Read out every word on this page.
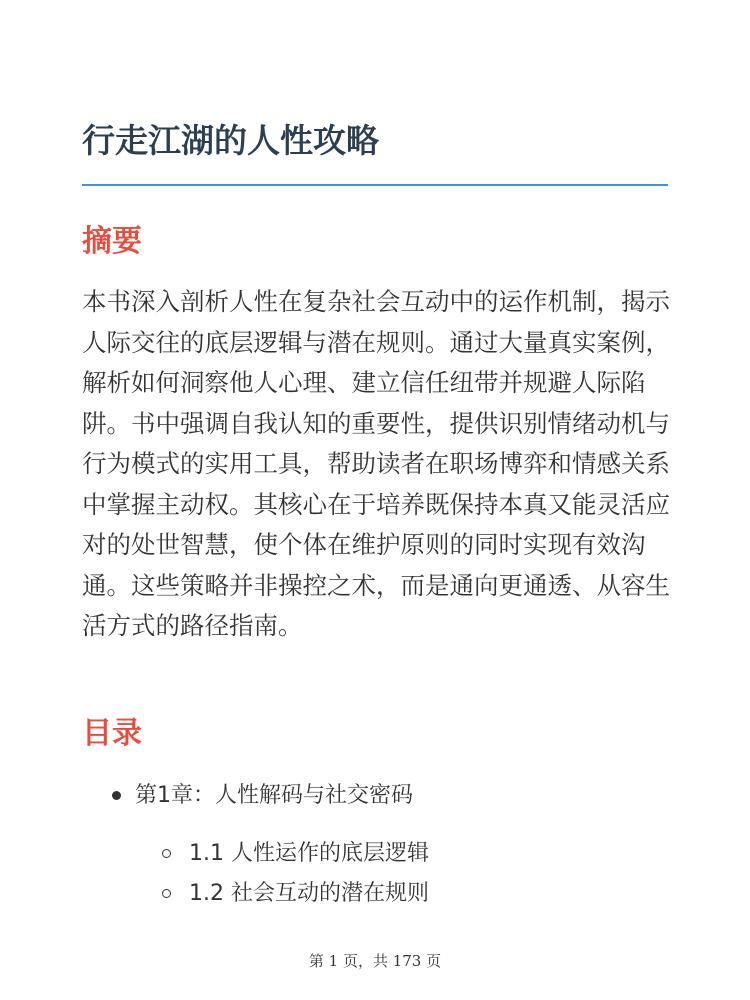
行走江湖的人性攻略
摘要

本书深入剖析人性在复杂社会互动中的运作机制，揭示人际交往的底层逻辑与潜在规则。通过大量真实案例，解析如何洞察他人心理、建立信任纽带并规避人际陷阱。书中强调自我认知的重要性，提供识别情绪动机与行为模式的实用工具，帮助读者在职场博弈和情感关系中掌握主动权。其核心在于培养既保持本真又能灵活应对的处世智慧，使个体在维护原则的同时实现有效沟通。这些策略并非操控之术，而是通向更通透、从容生活方式的路径指南。

目录
第1章：人性解码与社交密码
1.1 人性运作的底层逻辑
1.2 社会互动的潜在规则
第 1 页，共 173 页
